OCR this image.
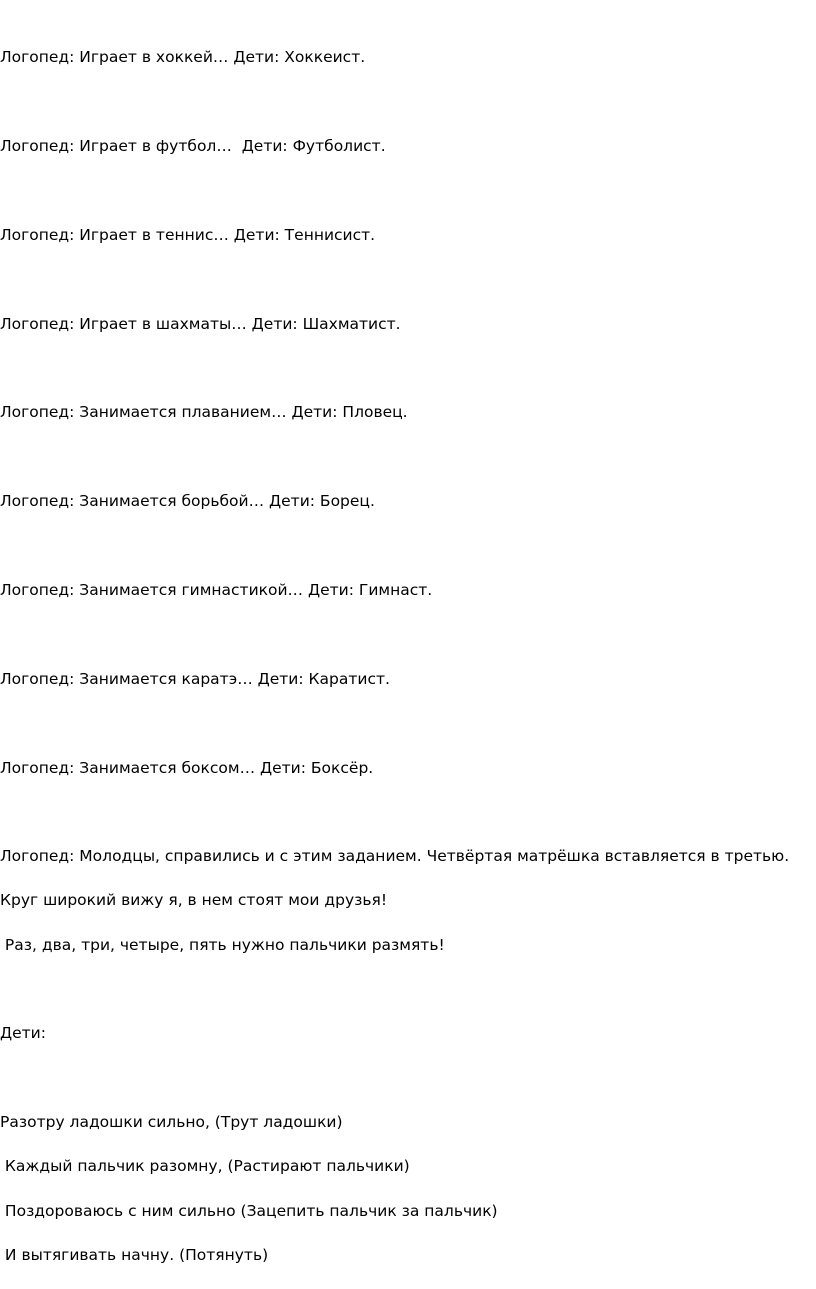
Логопед: Играет в хоккей… Дети: Хоккеист.

Логопед: Играет в футбол…  Дети: Футболист.

Логопед: Играет в теннис… Дети: Теннисист.

Логопед: Играет в шахматы… Дети: Шахматист.

Логопед: Занимается плаванием… Дети: Пловец.

Логопед: Занимается борьбой… Дети: Борец.

Логопед: Занимается гимнастикой… Дети: Гимнаст.

Логопед: Занимается каратэ… Дети: Каратист.

Логопед: Занимается боксом… Дети: Боксёр.

Логопед: Молодцы, справились и с этим заданием. Четвёртая матрёшка вставляется в третью.

Круг широкий вижу я, в нем стоят мои друзья!

Раз, два, три, четыре, пять нужно пальчики размять!

Дети:

Разотру ладошки сильно, (Трут ладошки)

Каждый пальчик разомну, (Растирают пальчики)

Поздороваюсь с ним сильно (Зацепить пальчик за пальчик)

И вытягивать начну. (Потянуть)
